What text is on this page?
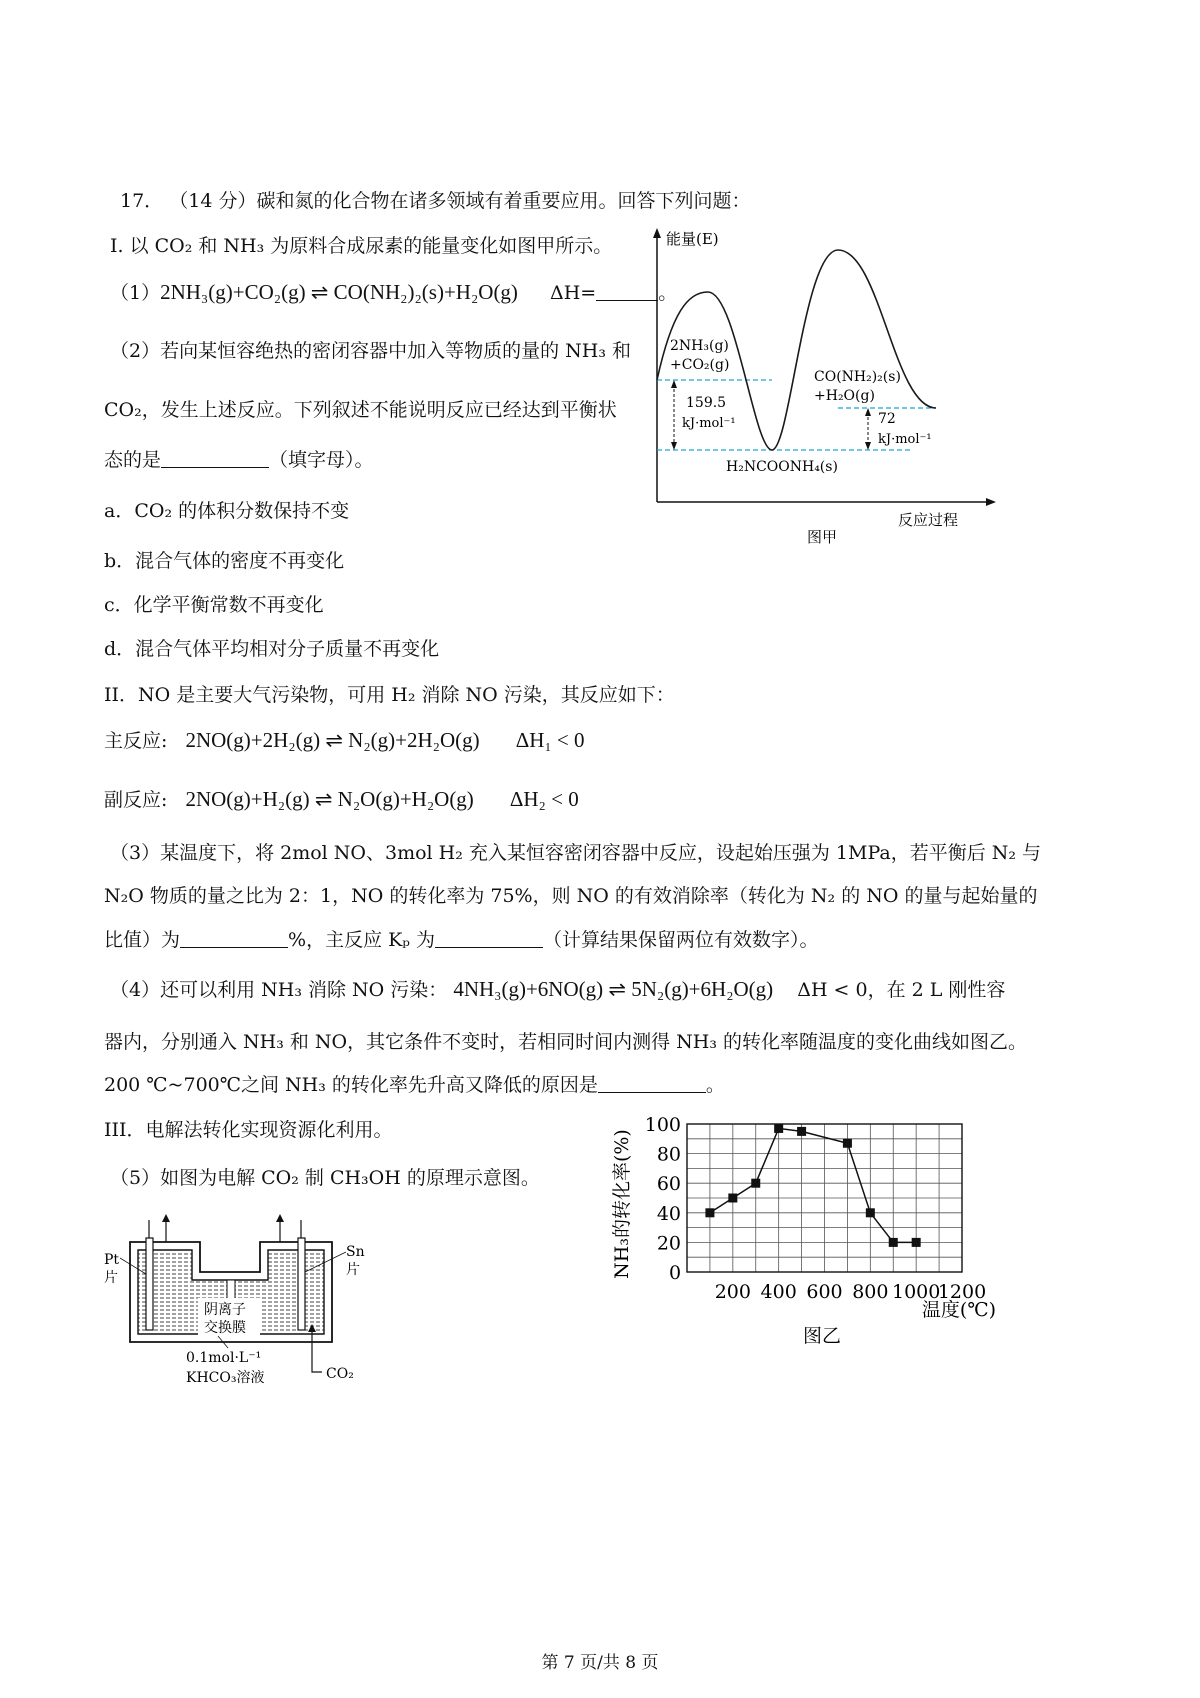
17． （14 分）碳和氮的化合物在诸多领域有着重要应用。回答下列问题：
I. 以 CO₂ 和 NH₃ 为原料合成尿素的能量变化如图甲所示。
（1）2NH₃(g)+CO₂(g) ⇌ CO(NH₂)₂(s)+H₂O(g) ΔH=	。
（2）若向某恒容绝热的密闭容器中加入等物质的量的 NH₃ 和
CO₂，发生上述反应。下列叙述不能说明反应已经达到平衡状
态的是	（填字母）。
a．CO₂ 的体积分数保持不变
b．混合气体的密度不再变化
c．化学平衡常数不再变化
d．混合气体平均相对分子质量不再变化
能量(E)
反应过程
图甲
2NH₃(g)
+CO₂(g)
159.5
kJ·mol⁻¹
CO(NH₂)₂(s)
+H₂O(g)
72
kJ·mol⁻¹
H₂NCOONH₄(s)
II．NO 是主要大气污染物，可用 H₂ 消除 NO 污染，其反应如下：
主反应: 2NO(g)+2H₂(g) ⇌ N₂(g)+2H₂O(g) ΔH₁ < 0
副反应: 2NO(g)+H₂(g) ⇌ N₂O(g)+H₂O(g) ΔH₂ < 0
（3）某温度下，将 2mol NO、3mol H₂ 充入某恒容密闭容器中反应，设起始压强为 1MPa，若平衡后 N₂ 与
N₂O 物质的量之比为 2：1，NO 的转化率为 75%，则 NO 的有效消除率（转化为 N₂ 的 NO 的量与起始量的
比值）为	%，主反应 Kₚ 为	（计算结果保留两位有效数字）。
（4）还可以利用 NH₃ 消除 NO 污染： 4NH₃(g)+6NO(g) ⇌ 5N₂(g)+6H₂O(g) ΔH < 0，在 2 L 刚性容
器内，分别通入 NH₃ 和 NO，其它条件不变时，若相同时间内测得 NH₃ 的转化率随温度的变化曲线如图乙。
200 ℃~700℃之间 NH₃ 的转化率先升高又降低的原因是	。
III．电解法转化实现资源化利用。
（5）如图为电解 CO₂ 制 CH₃OH 的原理示意图。
Pt
片
Sn
片
阴离子
交换膜
0.1mol·L⁻¹
KHCO₃溶液	CO₂
0
200 400 600 800 1000
1200
20
40
60
80
100
NH₃的转化率(%)
温度(℃)
图乙
第 7 页/共 8 页
